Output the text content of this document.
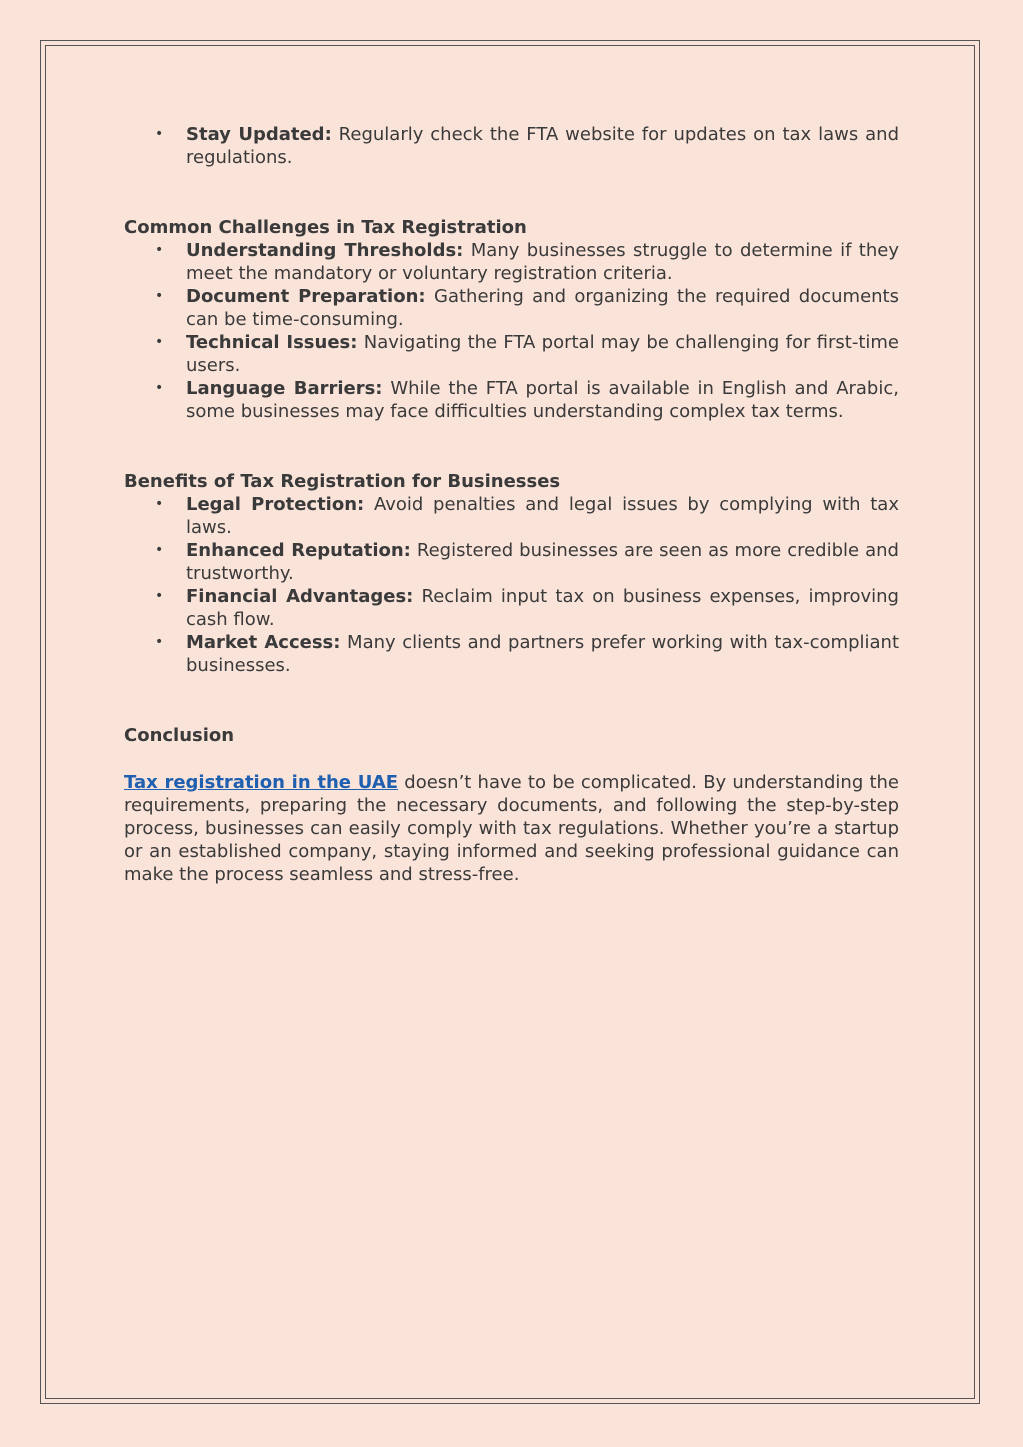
• Stay Updated: Regularly check the FTA website for updates on tax laws and regulations.
Common Challenges in Tax Registration
• Understanding Thresholds: Many businesses struggle to determine if they meet the mandatory or voluntary registration criteria.
• Document Preparation: Gathering and organizing the required documents can be time-consuming.
• Technical Issues: Navigating the FTA portal may be challenging for first-time users.
• Language Barriers: While the FTA portal is available in English and Arabic, some businesses may face difficulties understanding complex tax terms.
Benefits of Tax Registration for Businesses
• Legal Protection: Avoid penalties and legal issues by complying with tax laws.
• Enhanced Reputation: Registered businesses are seen as more credible and trustworthy.
• Financial Advantages: Reclaim input tax on business expenses, improving cash flow.
• Market Access: Many clients and partners prefer working with tax-compliant businesses.
Conclusion

Tax registration in the UAE doesn’t have to be complicated. By understanding the requirements, preparing the necessary documents, and following the step-by-step process, businesses can easily comply with tax regulations. Whether you’re a startup or an established company, staying informed and seeking professional guidance can make the process seamless and stress-free.
